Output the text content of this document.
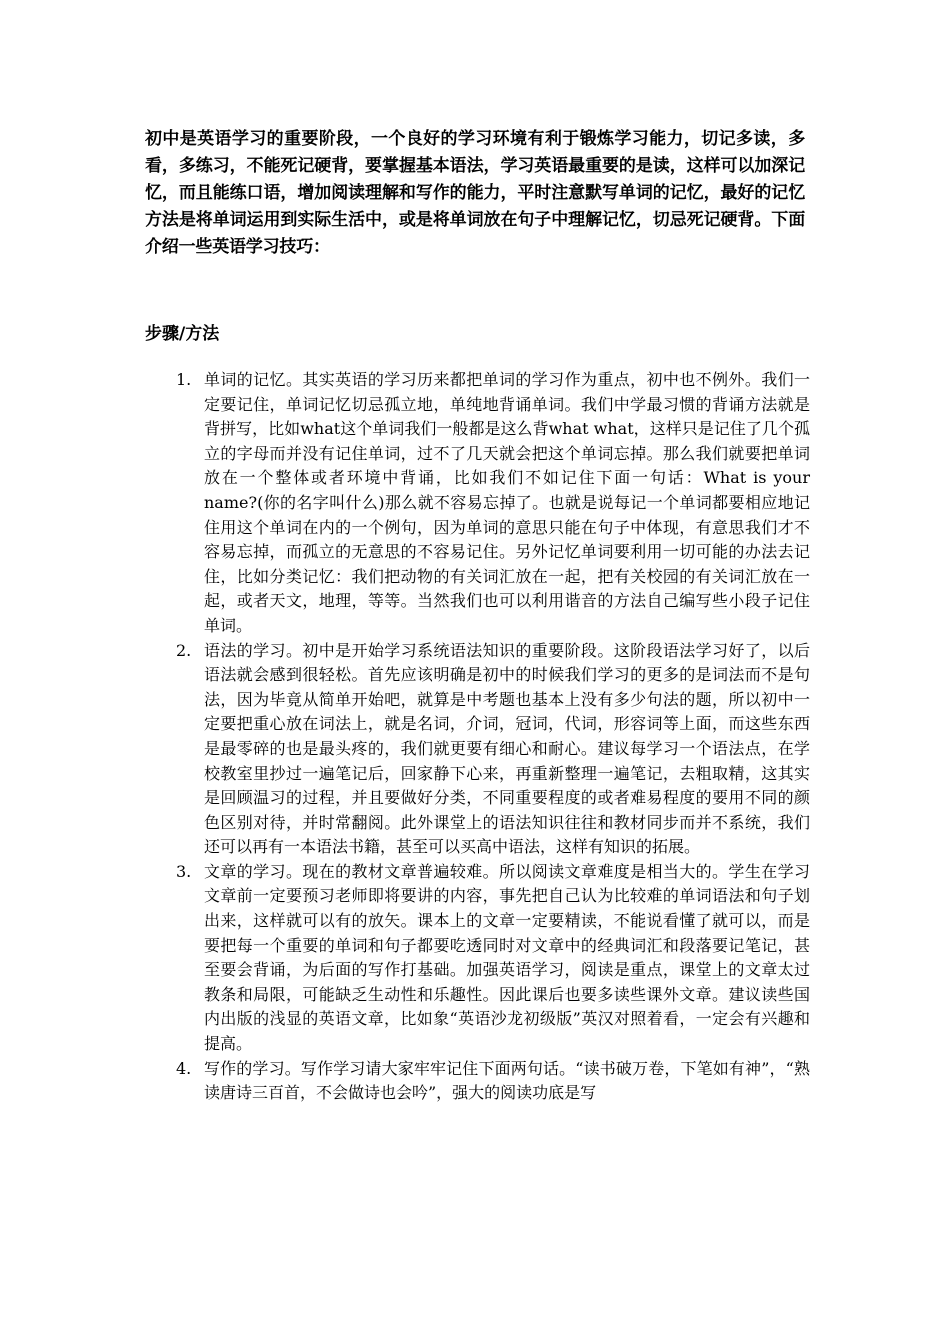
初中是英语学习的重要阶段，一个良好的学习环境有利于锻炼学习能力，切记多读，多看，多练习，不能死记硬背，要掌握基本语法，学习英语最重要的是读，这样可以加深记忆，而且能练口语，增加阅读理解和写作的能力，平时注意默写单词的记忆，最好的记忆方法是将单词运用到实际生活中，或是将单词放在句子中理解记忆，切忌死记硬背。下面介绍一些英语学习技巧：

步骤/方法
1. 单词的记忆。其实英语的学习历来都把单词的学习作为重点，初中也不例外。我们一定要记住，单词记忆切忌孤立地，单纯地背诵单词。我们中学最习惯的背诵方法就是背拼写，比如what这个单词我们一般都是这么背what what，这样只是记住了几个孤立的字母而并没有记住单词，过不了几天就会把这个单词忘掉。那么我们就要把单词放在一个整体或者环境中背诵，比如我们不如记住下面一句话：What is your name?(你的名字叫什么)那么就不容易忘掉了。也就是说每记一个单词都要相应地记住用这个单词在内的一个例句，因为单词的意思只能在句子中体现，有意思我们才不容易忘掉，而孤立的无意思的不容易记住。另外记忆单词要利用一切可能的办法去记住，比如分类记忆：我们把动物的有关词汇放在一起，把有关校园的有关词汇放在一起，或者天文，地理，等等。当然我们也可以利用谐音的方法自己编写些小段子记住单词。
2. 语法的学习。初中是开始学习系统语法知识的重要阶段。这阶段语法学习好了，以后语法就会感到很轻松。首先应该明确是初中的时候我们学习的更多的是词法而不是句法，因为毕竟从简单开始吧，就算是中考题也基本上没有多少句法的题，所以初中一定要把重心放在词法上，就是名词，介词，冠词，代词，形容词等上面，而这些东西是最零碎的也是最头疼的，我们就更要有细心和耐心。建议每学习一个语法点，在学校教室里抄过一遍笔记后，回家静下心来，再重新整理一遍笔记，去粗取精，这其实是回顾温习的过程，并且要做好分类，不同重要程度的或者难易程度的要用不同的颜色区别对待，并时常翻阅。此外课堂上的语法知识往往和教材同步而并不系统，我们还可以再有一本语法书籍，甚至可以买高中语法，这样有知识的拓展。
3. 文章的学习。现在的教材文章普遍较难。所以阅读文章难度是相当大的。学生在学习文章前一定要预习老师即将要讲的内容，事先把自己认为比较难的单词语法和句子划出来，这样就可以有的放矢。课本上的文章一定要精读，不能说看懂了就可以，而是要把每一个重要的单词和句子都要吃透同时对文章中的经典词汇和段落要记笔记，甚至要会背诵，为后面的写作打基础。加强英语学习，阅读是重点，课堂上的文章太过教条和局限，可能缺乏生动性和乐趣性。因此课后也要多读些课外文章。建议读些国内出版的浅显的英语文章，比如象“英语沙龙初级版”英汉对照着看，一定会有兴趣和提高。
4. 写作的学习。写作学习请大家牢牢记住下面两句话。“读书破万卷，下笔如有神”，“熟读唐诗三百首，不会做诗也会吟”，强大的阅读功底是写
